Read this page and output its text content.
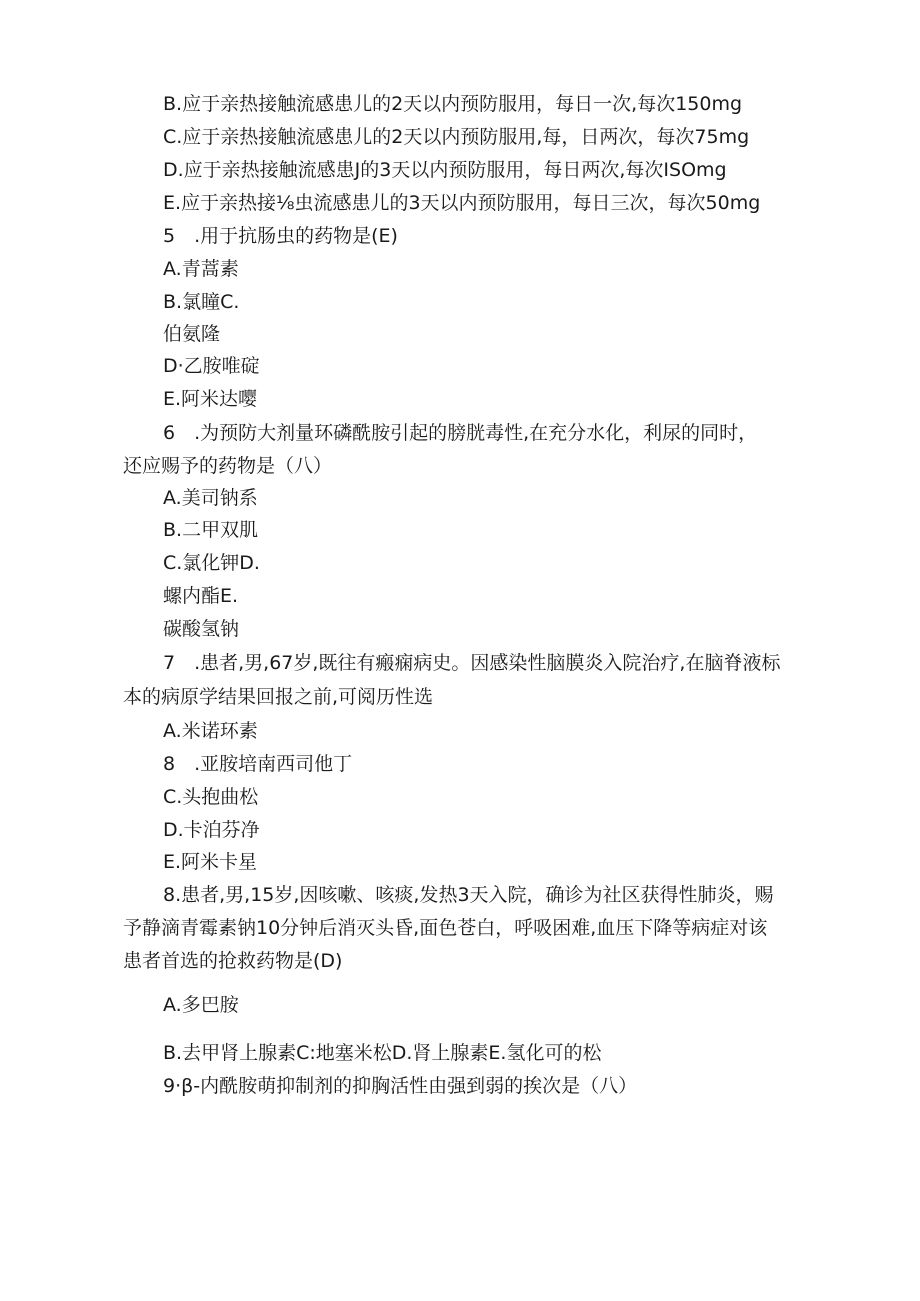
B.应于亲热接触流感患儿的2天以内预防服用，每日一次,每次150mg
C.应于亲热接触流感患儿的2天以内预防服用,每，日两次，每次75mg
D.应于亲热接触流感患J的3天以内预防服用，每日两次,每次ISOmg
E.应于亲热接⅛虫流感患儿的3天以内预防服用，每日三次，每次50mg
5　.用于抗肠虫的药物是(E)
A.青蒿素
B.氯瞳C.
伯氨隆
D·乙胺唯碇
E.阿米达嘤
6　.为预防大剂量环磷酰胺引起的膀胱毒性,在充分水化，利尿的同时，
还应赐予的药物是（八）
A.美司钠系
B.二甲双肌
C.氯化钾D.
螺内酯E.
碳酸氢钠
7　.患者,男,67岁,既往有瘢痫病史。因感染性脑膜炎入院治疗,在脑脊液标
本的病原学结果回报之前,可阅历性选
A.米诺环素
8　.亚胺培南西司他丁
C.头抱曲松
D.卡泊芬净
E.阿米卡星
8.患者,男,15岁,因咳嗽、咳痰,发热3天入院，确诊为社区获得性肺炎，赐
予静滴青霉素钠10分钟后消灭头昏,面色苍白，呼吸困难,血压下降等病症对该
患者首选的抢救药物是(D)
A.多巴胺
B.去甲肾上腺素C:地塞米松D.肾上腺素E.氢化可的松
9·β-内酰胺萌抑制剂的抑胸活性由强到弱的挨次是（八）
